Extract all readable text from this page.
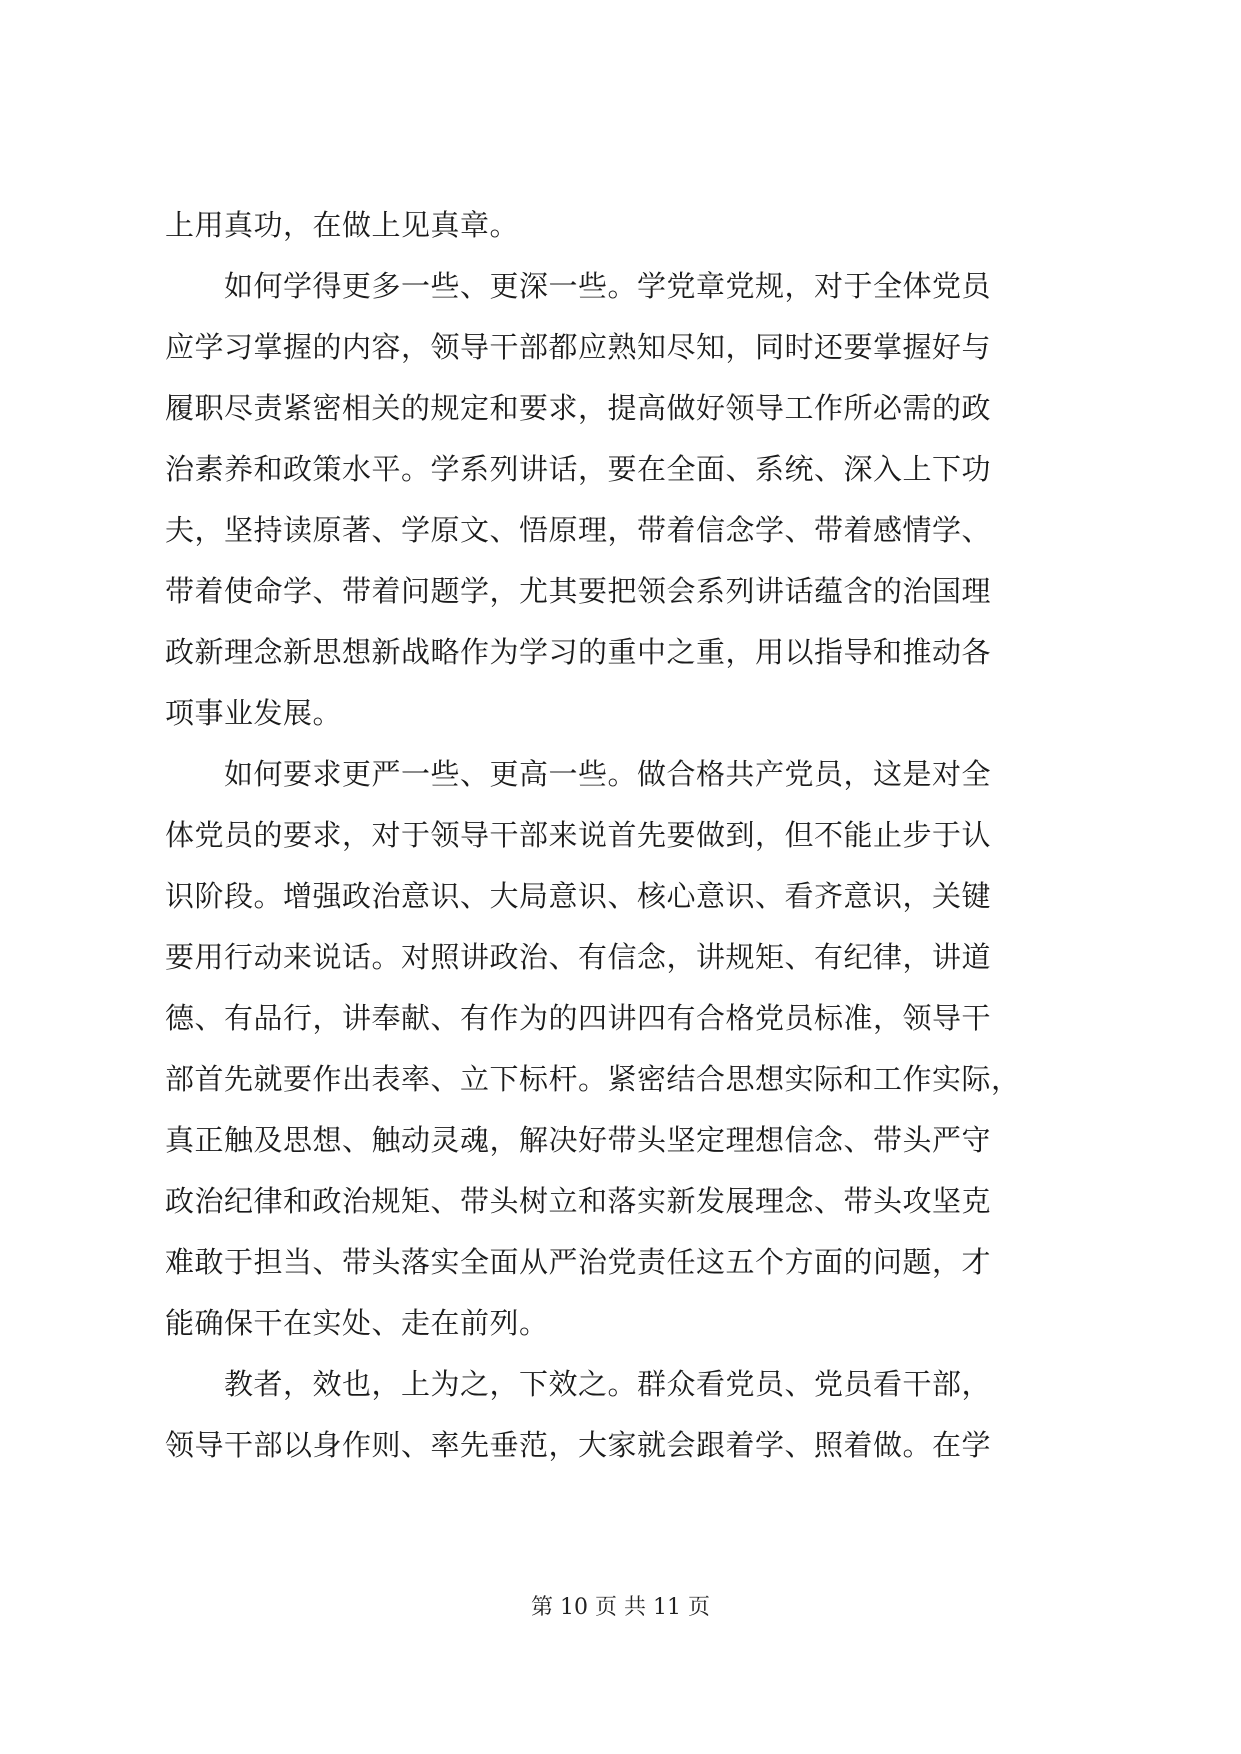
上用真功，在做上见真章。
　　如何学得更多一些、更深一些。学党章党规，对于全体党员
应学习掌握的内容，领导干部都应熟知尽知，同时还要掌握好与
履职尽责紧密相关的规定和要求，提高做好领导工作所必需的政
治素养和政策水平。学系列讲话，要在全面、系统、深入上下功
夫，坚持读原著、学原文、悟原理，带着信念学、带着感情学、
带着使命学、带着问题学，尤其要把领会系列讲话蕴含的治国理
政新理念新思想新战略作为学习的重中之重，用以指导和推动各
项事业发展。
　　如何要求更严一些、更高一些。做合格共产党员，这是对全
体党员的要求，对于领导干部来说首先要做到，但不能止步于认
识阶段。增强政治意识、大局意识、核心意识、看齐意识，关键
要用行动来说话。对照讲政治、有信念，讲规矩、有纪律，讲道
德、有品行，讲奉献、有作为的四讲四有合格党员标准，领导干
部首先就要作出表率、立下标杆。紧密结合思想实际和工作实际，
真正触及思想、触动灵魂，解决好带头坚定理想信念、带头严守
政治纪律和政治规矩、带头树立和落实新发展理念、带头攻坚克
难敢于担当、带头落实全面从严治党责任这五个方面的问题，才
能确保干在实处、走在前列。
　　教者，效也，上为之，下效之。群众看党员、党员看干部，
领导干部以身作则、率先垂范，大家就会跟着学、照着做。在学
第 10 页 共 11 页
